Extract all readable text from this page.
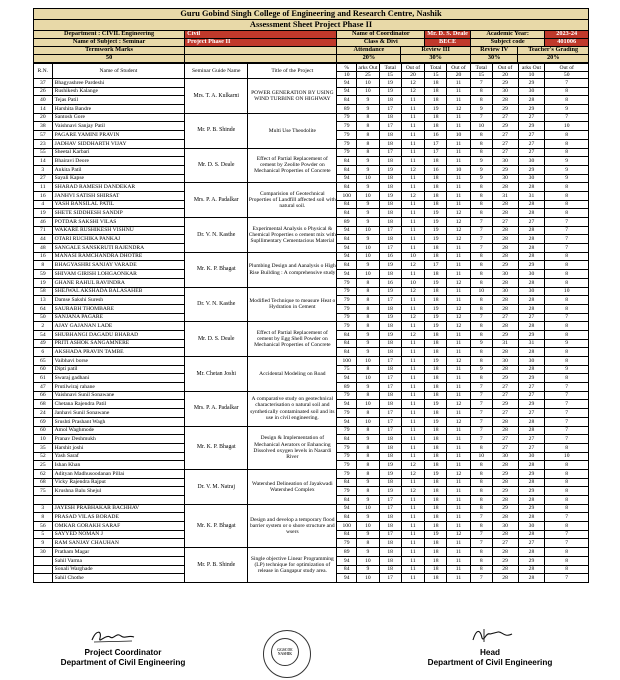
Guru Gobind Singh College of Engineering and Research Centre, Nashik
Assessment Sheet Project Phase II
Department : CIVIL Engineering	Civil	Name of Coordinator		Mr. D. S. Deale	Academic Year:		2023-24
Name of Subject : Seminar	Project Phase II	Class & Divi		BECE	Subject code		401006
Termwork Marks		Attendance	Review III		Review IV	Teacher's Grading	
50		20%	30%		30%	20%	
R.N.	Name of Student	Seminar Guide Name	Title of the Project	%	arks Out	Total	Out of	Total	Out of	Total	Out of	arks Out	Out of
				10	25	15	20	15	20	15	20	10	50
37	Bhagyashree Pardeshi	Mrs. T. A. Kulkarni	POWER GENERATION BY USING WIND TURBINE ON HIGHWAY	94	10	19	12	18	11	7	29	29	7
26	Rushikesh Kalange			94	10	19	12	18	11	8	30	30	8
40	Tejas Patil			84	9	18	11	18	11	8	28	28	8
14	Harshita Bandre			89	9	17	11	19	12	9	29	29	9
20	Santosh Gore	Mr. P. B. Shinde	Multi Use Theodolite	79	8	18	11	18	11	7	27	27	7
38	Vaishnavi Sanjay Patil			79	8	17	11	18	11	10	29	29	10
57	PAGARE YAMINI PRAVIN			79	8	18	11	16	10	8	27	27	8
23	JADHAV SIDDHARTH VIJAY			79	8	18	11	17	11	8	27	27	8
55	Sheetal Karbari	Mr. D. S. Deale	Effect of Partial Replacement of cement by Zeolite Powder on Mechanical Properties of Concrete	79	8	17	11	17	11	8	27	27	8
14	Bhairavi Deore			84	9	18	11	18	11	9	30	30	9
3	Ankita Patil			84	9	19	12	16	10	9	29	29	9
27	Sayali Kapse			94	10	18	11	18	11	9	30	30	9
11	SHARAD RAMESH DANDEKAR	Mrs. P. A. Padalkar	Comparision of Geotechnical Properties of Landfill affected soil with natural soil.	84	9	18	11	18	11	8	28	28	8
16	JANHVI SATISH SHIRSAT			100	10	19	12	18	11	8	31	31	8
4	YASH BANSILAL PATIL			84	9	18	11	18	11	8	28	28	8
19	SHETE SIDDHESH SANDIP			84	9	18	11	19	12	8	28	28	8
46	POTDAR SAKSHI VILAS	Dr. V. N. Kasthe	Experimental Analysis o Physical & Chemical Properties o cement mix with Supllimentary Cementacious Material	89	9	18	11	19	12	7	27	27	7
71	WAKARE RUSHIKESH VISHNU			94	10	17	11	19	12	7	28	28	7
44	OTARI RUCHIKA PANKAJ			84	9	18	11	19	12	7	28	28	7
48	SANGALE SANSKRUTI RAJENDRA			94	10	17	11	18	11	7	28	28	7
16	MANASI RAMCHANDRA DHOTRE	Mr. K. P. Bhagat	Plumbing Design and Aanalysis o High Rise Building : A comprehensive study	94	10	16	10	18	11	8	28	28	8
8	BHAGYASHRI SANJAY VARADE			84	9	19	12	17	11	8	29	29	8
59	SHIVAM GIRISH LOHGAONKAR			94	10	18	11	18	11	8	30	30	8
19	GHANE RAHUL RAVINDRA			79	8	16	10	19	12	8	28	28	8
58	SHEJWAL AKSHADA BALASAHEB	Dr. V. N. Kasthe	Modified Technique to measure Heat o Hydration in Cement	79	8	19	12	18	11	10	30	30	10
13	Damse Sakshi Suresh			79	8	17	11	18	11	8	28	28	8
64	SAURABH THOMBARE			79	8	18	11	19	12	8	28	28	8
50	SANJANA PAGARE			79	8	19	12	19	12	7	27	27	7
2	AJAY GAJANAN LADE	Mr. D. S. Deale	Effect of Partial Replacement of cement by Egg Shell Powder on Mechanical Properties of Concrete	79	8	18	11	19	12	8	28	28	8
54	SHUBHANGI DAGADU BHABAD			84	9	19	12	18	11	8	29	29	8
49	PRITI ASHOK SANGAMNERE			84	9	18	11	18	11	9	31	31	9
6	AKSHADA PRAVIN TAMBE			84	9	18	11	18	11	8	28	28	8
65	Vaibhavi borse	Mr. Chetan Joshi	Accidental Modeling on Road	100	10	17	11	19	12	8	30	30	8
60	Dipti patil			75	8	18	11	18	11	9	28	28	9
61	Swaraj gadhani			94	10	17	11	18	11	8	29	29	8
47	Prutilwiraj rahane			89	9	17	11	18	11	7	27	27	7
66	Vaishnavi Sunil Sonawane	Mrs. P. A. Padalkar	A comparative study on geotechnical characterisation o natural soil and synthetically contaminated soil and its use in civil engineering.	79	8	18	11	18	11	7	27	27	7
68	Chetana Rajendra Patil			94	10	18	11	19	12	7	29	29	7
24	Janhavi Sunil Sonawane			79	8	17	11	18	11	7	27	27	7
69	Srushti Prashant Wagh			94	10	17	11	19	12	7	28	28	7
60	Amol Waghmode	Mr. K. P. Bhagat	Design & Implementation of Mechanical Aerators or Enhancing Dissolved oxygen levels in Nasardi River	79	8	17	11	18	11	7	28	28	7
10	Pranav Deshmukh			84	9	18	11	18	11	7	27	27	7
35	Harshit joshi			79	8	18	11	18	11	8	27	27	8
52	Yash Saraf			79	8	18	11	18	11	10	30	30	10
25	Ishan Khan			79	8	19	12	18	11	8	28	28	8
62	Adityan Madhusoodanan Pillai	Dr. V. M. Natraj	Watershed Delineation of Jayakwadi Watershed Complex	79	8	19	12	19	12	8	29	29	8
68	Vicky Rajendra Rajput			84	9	18	11	18	11	8	28	28	8
75	Krushna Balu Shejul			79	8	19	12	18	11	8	29	29	8
				84	9	17	11	18	11	8	28	28	8
3	JAYESH PRABHAKAR BACHHAV	Mr. K. P. Bhagat	Design and develop a temporary flood barrier system or o shore structure and wsers	94	10	17	11	18	11	8	29	29	8
8	PRASAD VILAS BORADE			84	9	18	11	18	11	7	28	28	7
56	OMKAR GORAKH SARAF			100	10	18	11	18	11	8	30	30	8
5	SAYYED NOMAN J			84	9	17	11	19	12	7	28	28	7
9	RAM SANJAY CHAUHAN			79	8	18	11	18	11	7	27	27	7
30	Pratham Magar	Mr. P. B. Shinde	Single objective Linear Programming (LP) technique for optimization of release in Gangapur study area.	89	9	18	11	18	11	8	28	28	8
	Sahil Varma			94	10	18	11	18	11	8	29	29	8
	Sonali Warghade			84	9	18	11	18	11	8	28	28	8
	Sahil Chothe			94	10	17	11	18	11	7	28	28	7
Project Coordinator
Department of Civil Engineering
GGSCOE NASHIK	Head
Department of Civil Engineering
